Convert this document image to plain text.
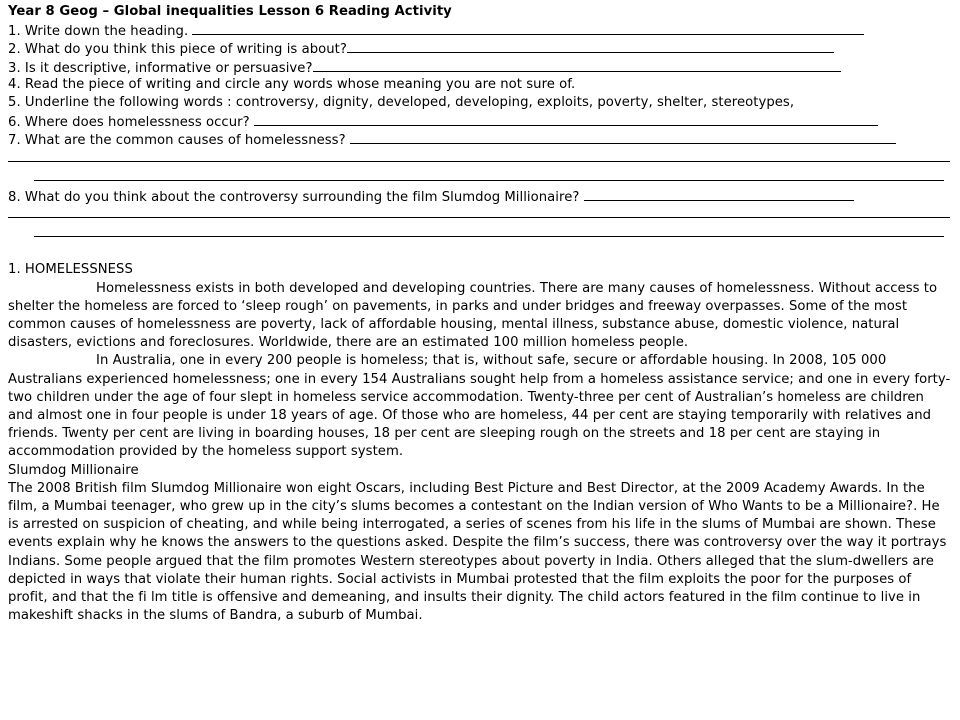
Year 8 Geog – Global inequalities Lesson 6 Reading Activity
1. Write down the heading.
2. What do you think this piece of writing is about?
3. Is it descriptive, informative or persuasive?
4. Read the piece of writing and circle any words whose meaning you are not sure of.
5. Underline the following words : controversy, dignity, developed, developing, exploits, poverty, shelter, stereotypes,
6. Where does homelessness occur?
7. What are the common causes of homelessness?
8. What do you think about the controversy surrounding the film Slumdog Millionaire?
1. HOMELESSNESS
Homelessness exists in both developed and developing countries. There are many causes of homelessness. Without access to shelter the homeless are forced to ‘sleep rough’ on pavements, in parks and under bridges and freeway overpasses. Some of the most common causes of homelessness are poverty, lack of affordable housing, mental illness, substance abuse, domestic violence, natural disasters, evictions and foreclosures. Worldwide, there are an estimated 100 million homeless people.
In Australia, one in every 200 people is homeless; that is, without safe, secure or affordable housing. In 2008, 105 000 Australians experienced homelessness; one in every 154 Australians sought help from a homeless assistance service; and one in every forty-two children under the age of four slept in homeless service accommodation. Twenty-three per cent of Australian’s homeless are children and almost one in four people is under 18 years of age. Of those who are homeless, 44 per cent are staying temporarily with relatives and friends. Twenty per cent are living in boarding houses, 18 per cent are sleeping rough on the streets and 18 per cent are staying in accommodation provided by the homeless support system.
Slumdog Millionaire
The 2008 British film Slumdog Millionaire won eight Oscars, including Best Picture and Best Director, at the 2009 Academy Awards. In the film, a Mumbai teenager, who grew up in the city’s slums becomes a contestant on the Indian version of Who Wants to be a Millionaire?. He is arrested on suspicion of cheating, and while being interrogated, a series of scenes from his life in the slums of Mumbai are shown. These events explain why he knows the answers to the questions asked. Despite the film’s success, there was controversy over the way it portrays Indians. Some people argued that the film promotes Western stereotypes about poverty in India. Others alleged that the slum-dwellers are depicted in ways that violate their human rights. Social activists in Mumbai protested that the film exploits the poor for the purposes of profit, and that the fi lm title is offensive and demeaning, and insults their dignity. The child actors featured in the film continue to live in makeshift shacks in the slums of Bandra, a suburb of Mumbai.
